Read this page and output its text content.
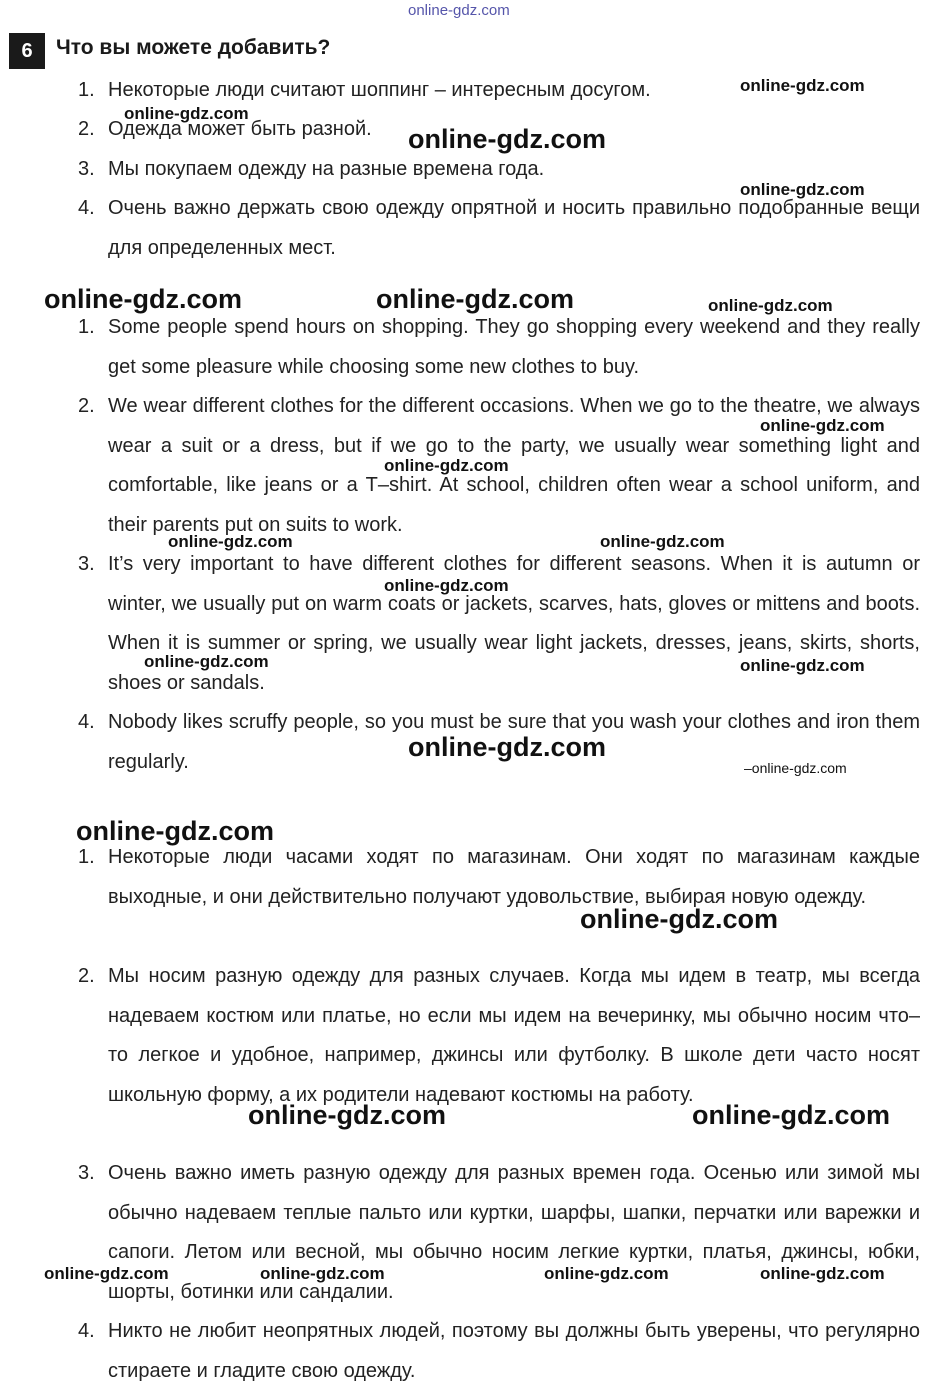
online-gdz.com
6	Что вы можете добавить?
1. Некоторые люди считают шоппинг – интересным досугом.
2. Одежда может быть разной.
3. Мы покупаем одежду на разные времена года.
4. Очень важно держать свою одежду опрятной и носить правильно подобранные вещи для определенных мест.
1. Some people spend hours on shopping. They go shopping every weekend and they really get some pleasure while choosing some new clothes to buy.
2. We wear different clothes for the different occasions. When we go to the theatre, we always wear a suit or a dress, but if we go to the party, we usually wear something light and comfortable, like jeans or a T–shirt. At school, children often wear a school uniform, and their parents put on suits to work.
3. It’s very important to have different clothes for different seasons. When it is autumn or winter, we usually put on warm coats or jackets, scarves, hats, gloves or mittens and boots. When it is summer or spring, we usually wear light jackets, dresses, jeans, skirts, shorts, shoes or sandals.
4. Nobody likes scruffy people, so you must be sure that you wash your clothes and iron them regularly.
1. Некоторые люди часами ходят по магазинам. Они ходят по магазинам каждые выходные, и они действительно получают удовольствие, выбирая новую одежду.
2. Мы носим разную одежду для разных случаев. Когда мы идем в театр, мы всегда надеваем костюм или платье, но если мы идем на вечеринку, мы обычно носим что–то легкое и удобное, например, джинсы или футболку. В школе дети часто носят школьную форму, а их родители надевают костюмы на работу.
3. Очень важно иметь разную одежду для разных времен года. Осенью или зимой мы обычно надеваем теплые пальто или куртки, шарфы, шапки, перчатки или варежки и сапоги. Летом или весной, мы обычно носим легкие куртки, платья, джинсы, юбки, шорты, ботинки или сандалии.
4. Никто не любит неопрятных людей, поэтому вы должны быть уверены, что регулярно стираете и гладите свою одежду.
online-gdz.com
online-gdz.com
online-gdz.com
online-gdz.com
online-gdz.com	online-gdz.com	online-gdz.com
online-gdz.com
online-gdz.com
online-gdz.com	online-gdz.com
online-gdz.com
online-gdz.com	online-gdz.com
online-gdz.com
–online-gdz.com
online-gdz.com
online-gdz.com
online-gdz.com	online-gdz.com
online-gdz.com	online-gdz.com	online-gdz.com	online-gdz.com
